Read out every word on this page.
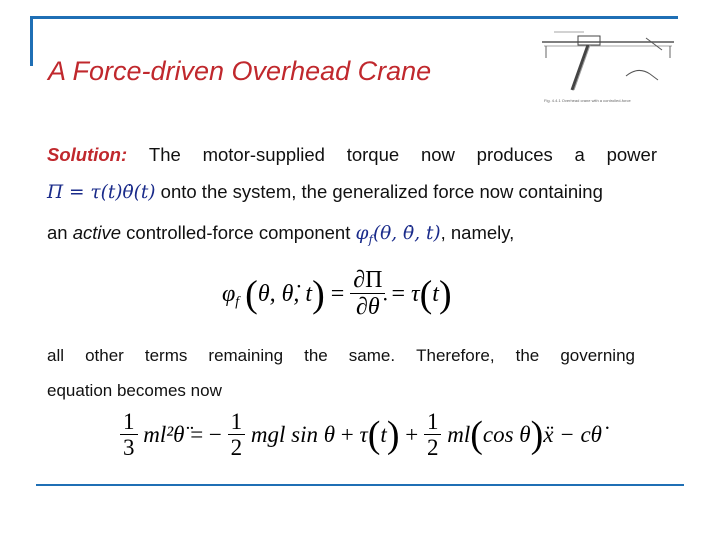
A Force-driven Overhead Crane
Fig. 4.4.1 Overhead crane with a controlled-force
Solution: The motor-supplied torque now produces a power
Π = τ(t)θ̇(t) onto the system, the generalized force now containing
an active controlled-force component $\varphi_f(\theta$, θ̇, t), namely,
$\varphi_f$ (θ, θ̇, $t) = \frac{\partial\Pi}{\partial\thetȧ} = \tau(t)$
all other terms remaining the same. Therefore, the governing
equation becomes now
$\frac{1}{3}$ ml²θ̈ = − $\frac{1}{2}$ mgl $\sin \theta + \tau(t) + \frac{1}{2} ml(\cos$ θ)ẍ − cθ̇
